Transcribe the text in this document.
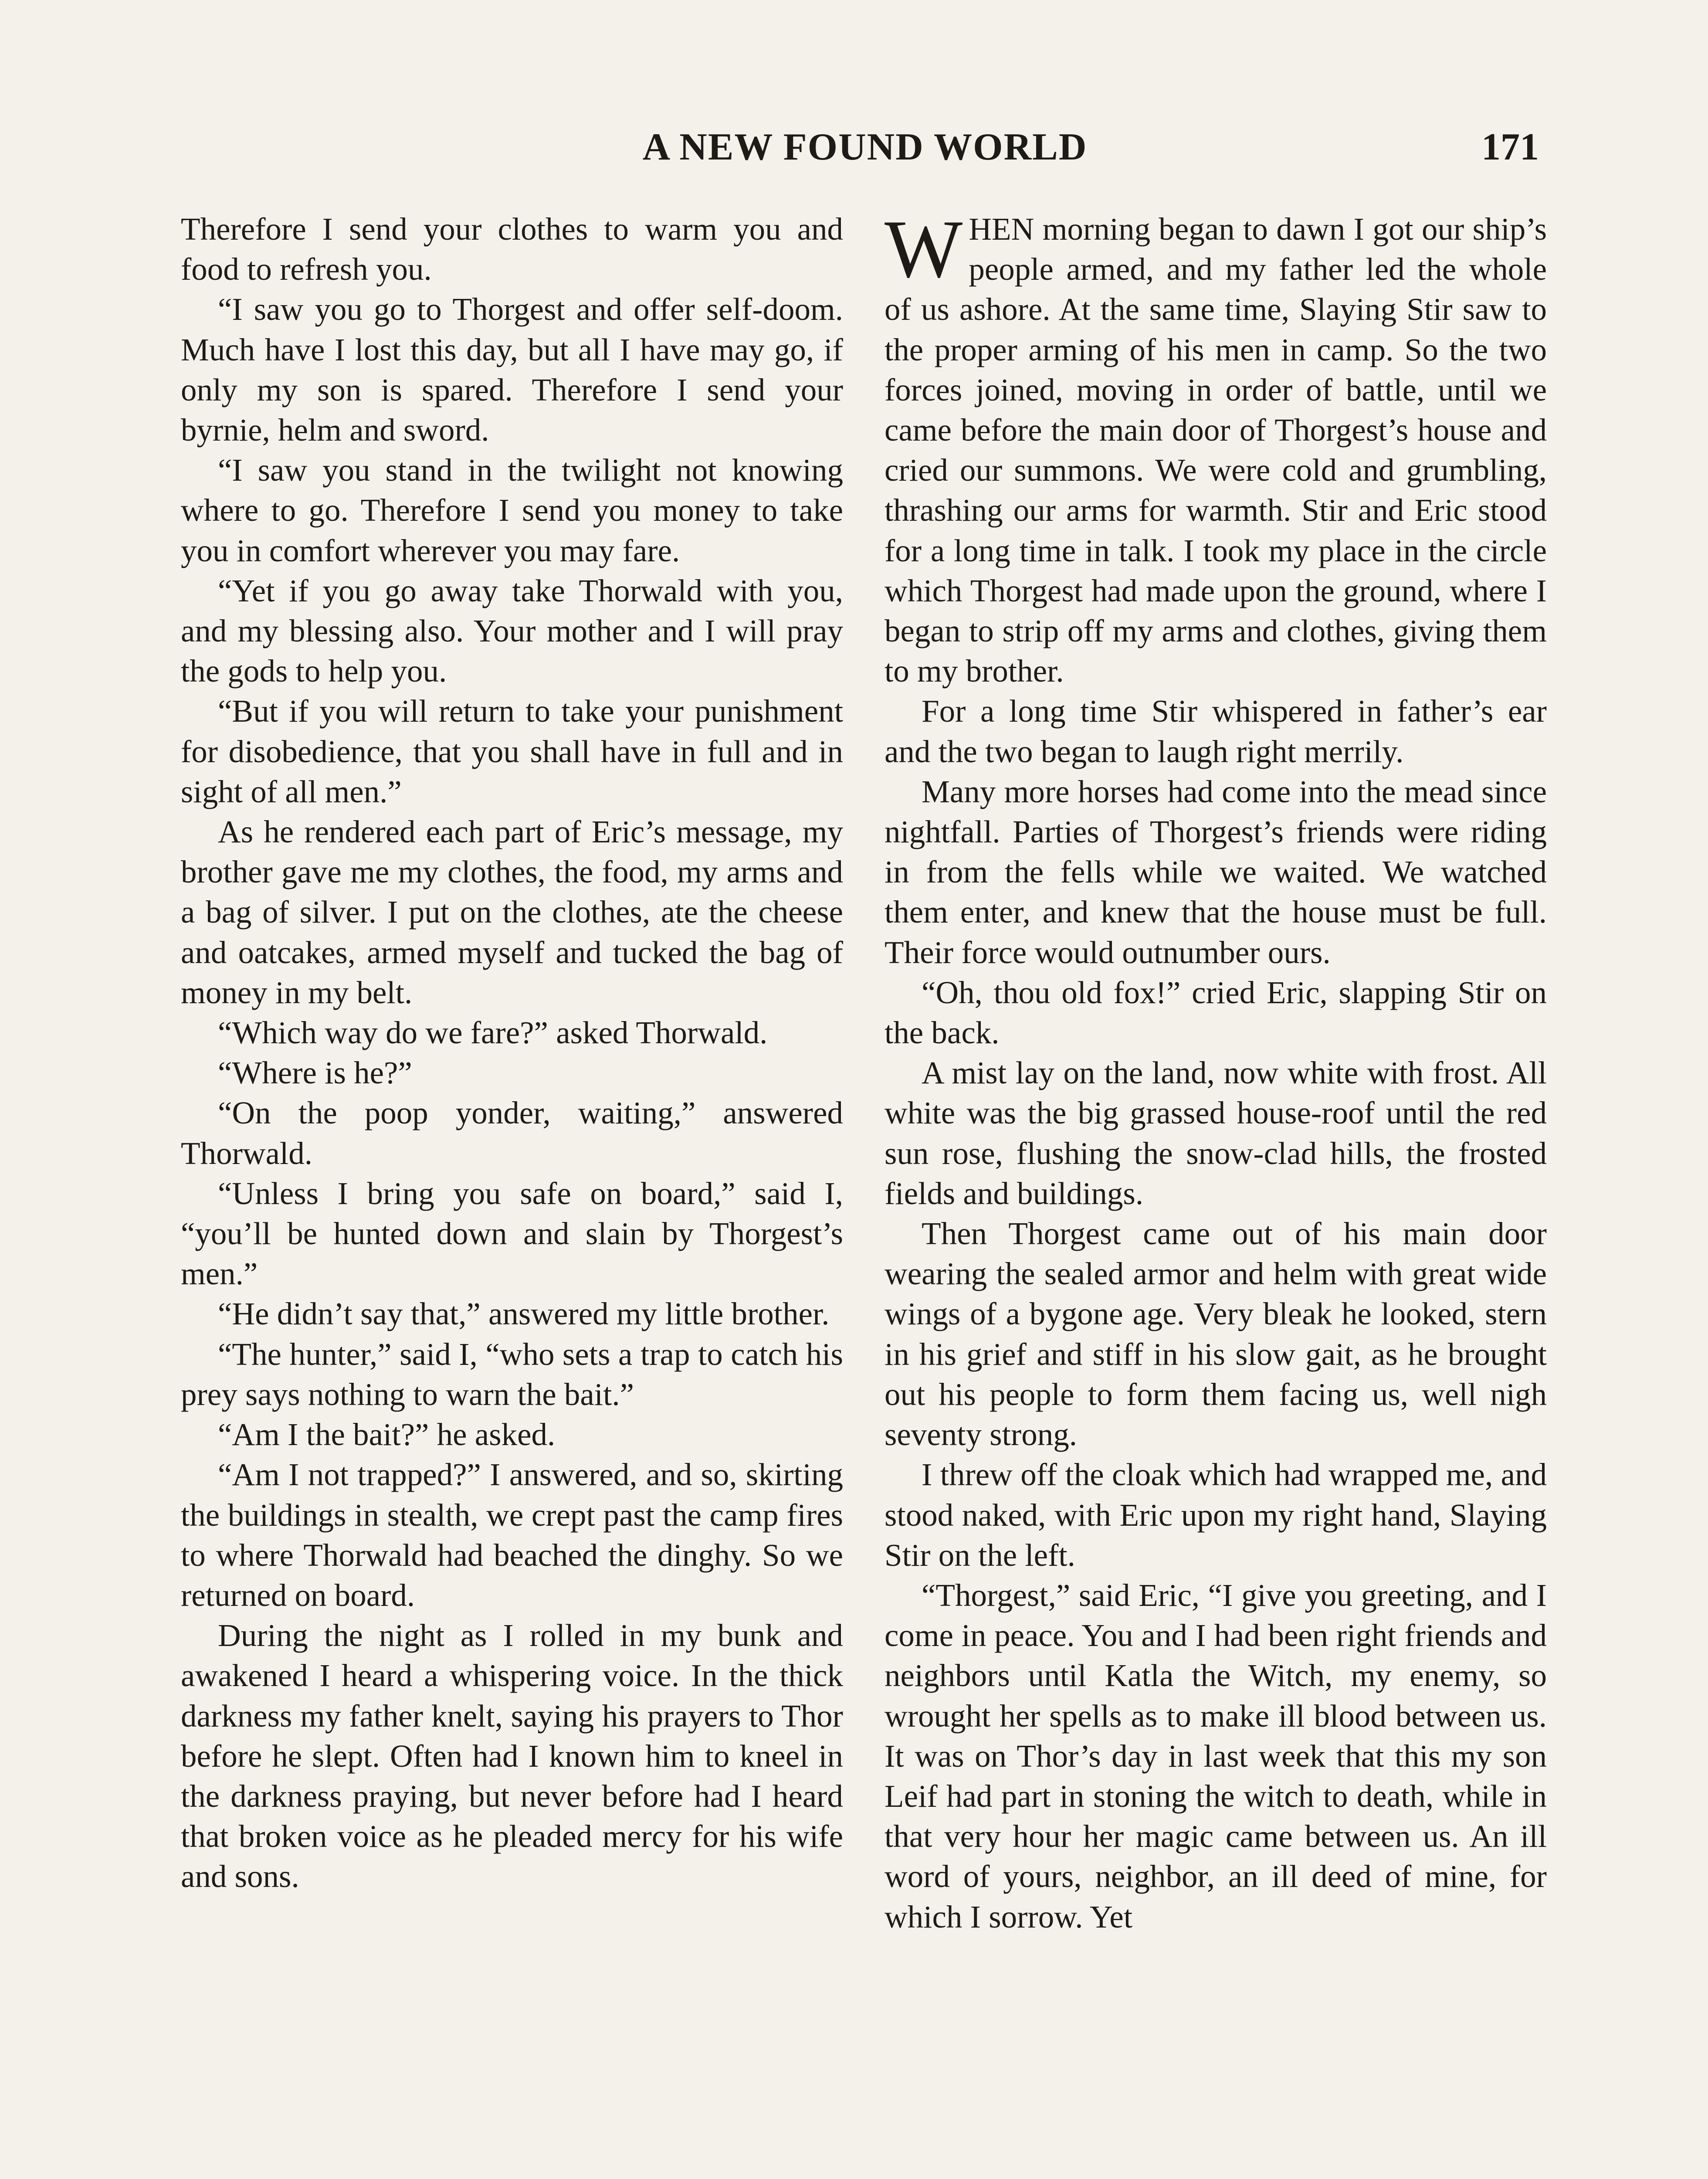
A NEW FOUND WORLD	171

Therefore I send your clothes to warm you and food to refresh you.

“I saw you go to Thorgest and offer self-doom. Much have I lost this day, but all I have may go, if only my son is spared. Therefore I send your byrnie, helm and sword.

“I saw you stand in the twilight not knowing where to go. Therefore I send you money to take you in comfort wherever you may fare.

“Yet if you go away take Thorwald with you, and my blessing also. Your mother and I will pray the gods to help you.

“But if you will return to take your punishment for disobedience, that you shall have in full and in sight of all men.”

As he rendered each part of Eric’s message, my brother gave me my clothes, the food, my arms and a bag of silver. I put on the clothes, ate the cheese and oatcakes, armed myself and tucked the bag of money in my belt.

“Which way do we fare?” asked Thorwald.

“Where is he?”

“On the poop yonder, waiting,” answered Thorwald.

“Unless I bring you safe on board,” said I, “you’ll be hunted down and slain by Thorgest’s men.”

“He didn’t say that,” answered my little brother.

“The hunter,” said I, “who sets a trap to catch his prey says nothing to warn the bait.”

“Am I the bait?” he asked.

“Am I not trapped?” I answered, and so, skirting the buildings in stealth, we crept past the camp fires to where Thorwald had beached the dinghy. So we returned on board.

During the night as I rolled in my bunk and awakened I heard a whispering voice. In the thick darkness my father knelt, saying his prayers to Thor before he slept. Often had I known him to kneel in the darkness praying, but never before had I heard that broken voice as he pleaded mercy for his wife and sons.

WHEN morning began to dawn I got our ship’s people armed, and my father led the whole of us ashore. At the same time, Slaying Stir saw to the proper arming of his men in camp. So the two forces joined, moving in order of battle, until we came before the main door of Thorgest’s house and cried our summons. We were cold and grumbling, thrashing our arms for warmth. Stir and Eric stood for a long time in talk. I took my place in the circle which Thorgest had made upon the ground, where I began to strip off my arms and clothes, giving them to my brother.

For a long time Stir whispered in father’s ear and the two began to laugh right merrily.

Many more horses had come into the mead since nightfall. Parties of Thorgest’s friends were riding in from the fells while we waited. We watched them enter, and knew that the house must be full. Their force would outnumber ours.

“Oh, thou old fox!” cried Eric, slapping Stir on the back.

A mist lay on the land, now white with frost. All white was the big grassed house-roof until the red sun rose, flushing the snow-clad hills, the frosted fields and buildings.

Then Thorgest came out of his main door wearing the sealed armor and helm with great wide wings of a bygone age. Very bleak he looked, stern in his grief and stiff in his slow gait, as he brought out his people to form them facing us, well nigh seventy strong.

I threw off the cloak which had wrapped me, and stood naked, with Eric upon my right hand, Slaying Stir on the left.

“Thorgest,” said Eric, “I give you greeting, and I come in peace. You and I had been right friends and neighbors until Katla the Witch, my enemy, so wrought her spells as to make ill blood between us. It was on Thor’s day in last week that this my son Leif had part in stoning the witch to death, while in that very hour her magic came between us. An ill word of yours, neighbor, an ill deed of mine, for which I sorrow. Yet
